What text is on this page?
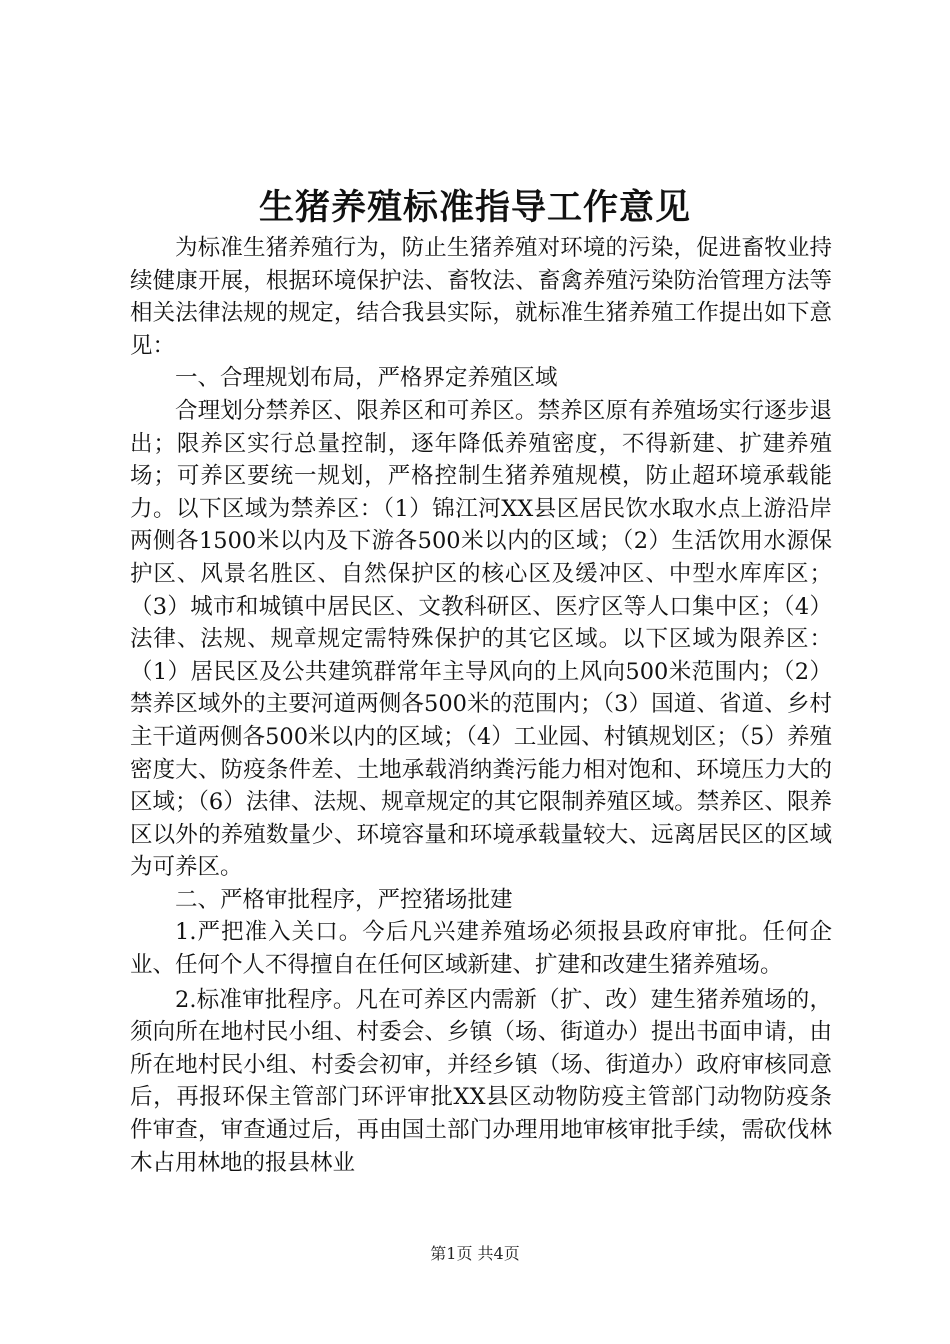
生猪养殖标准指导工作意见

为标准生猪养殖行为，防止生猪养殖对环境的污染，促进畜牧业持续健康开展，根据环境保护法、畜牧法、畜禽养殖污染防治管理方法等相关法律法规的规定，结合我县实际，就标准生猪养殖工作提出如下意见：

一、合理规划布局，严格界定养殖区域

合理划分禁养区、限养区和可养区。禁养区原有养殖场实行逐步退出；限养区实行总量控制，逐年降低养殖密度，不得新建、扩建养殖场；可养区要统一规划，严格控制生猪养殖规模，防止超环境承载能力。以下区域为禁养区：（1）锦江河XX县区居民饮水取水点上游沿岸两侧各1500米以内及下游各500米以内的区域；（2）生活饮用水源保护区、风景名胜区、自然保护区的核心区及缓冲区、中型水库库区；（3）城市和城镇中居民区、文教科研区、医疗区等人口集中区；（4）法律、法规、规章规定需特殊保护的其它区域。以下区域为限养区：（1）居民区及公共建筑群常年主导风向的上风向500米范围内；（2）禁养区域外的主要河道两侧各500米的范围内；（3）国道、省道、乡村主干道两侧各500米以内的区域；（4）工业园、村镇规划区；（5）养殖密度大、防疫条件差、土地承载消纳粪污能力相对饱和、环境压力大的区域；（6）法律、法规、规章规定的其它限制养殖区域。禁养区、限养区以外的养殖数量少、环境容量和环境承载量较大、远离居民区的区域为可养区。

二、严格审批程序，严控猪场批建

1.严把准入关口。今后凡兴建养殖场必须报县政府审批。任何企业、任何个人不得擅自在任何区域新建、扩建和改建生猪养殖场。

2.标准审批程序。凡在可养区内需新（扩、改）建生猪养殖场的，须向所在地村民小组、村委会、乡镇（场、街道办）提出书面申请，由所在地村民小组、村委会初审，并经乡镇（场、街道办）政府审核同意后，再报环保主管部门环评审批XX县区动物防疫主管部门动物防疫条件审查，审查通过后，再由国土部门办理用地审核审批手续，需砍伐林木占用林地的报县林业

第1页 共4页
